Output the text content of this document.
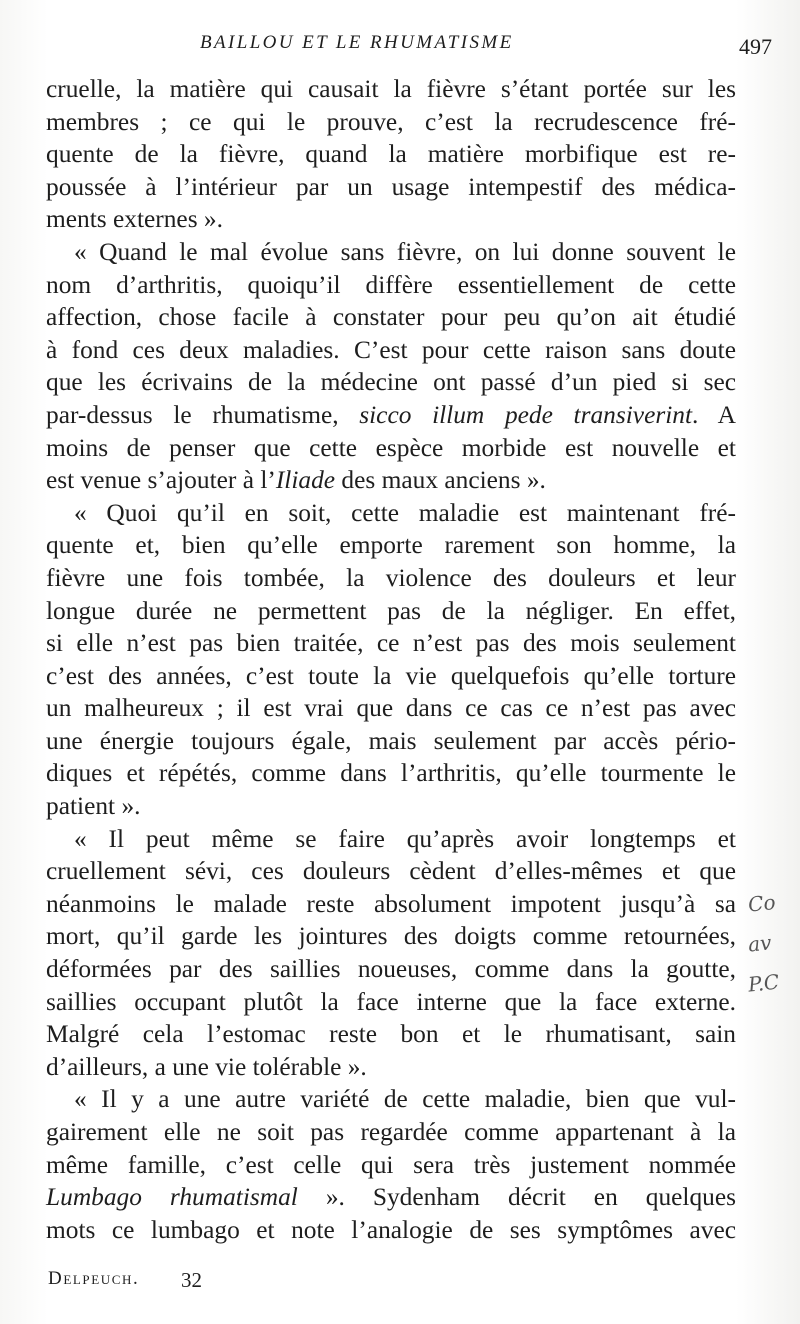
BAILLOU ET LE RHUMATISME	497
cruelle, la matière qui causait la fièvre s’étant portée sur les
membres ; ce qui le prouve, c’est la recrudescence fré-
quente de la fièvre, quand la matière morbifique est re-
poussée à l’intérieur par un usage intempestif des médica-
ments externes ».
« Quand le mal évolue sans fièvre, on lui donne souvent le
nom d’arthritis, quoiqu’il diffère essentiellement de cette
affection, chose facile à constater pour peu qu’on ait étudié
à fond ces deux maladies. C’est pour cette raison sans doute
que les écrivains de la médecine ont passé d’un pied si sec
par-dessus le rhumatisme, sicco illum pede transiverint. A
moins de penser que cette espèce morbide est nouvelle et
est venue s’ajouter à l’Iliade des maux anciens ».
« Quoi qu’il en soit, cette maladie est maintenant fré-
quente et, bien qu’elle emporte rarement son homme, la
fièvre une fois tombée, la violence des douleurs et leur
longue durée ne permettent pas de la négliger. En effet,
si elle n’est pas bien traitée, ce n’est pas des mois seulement
c’est des années, c’est toute la vie quelquefois qu’elle torture
un malheureux ; il est vrai que dans ce cas ce n’est pas avec
une énergie toujours égale, mais seulement par accès pério-
diques et répétés, comme dans l’arthritis, qu’elle tourmente le
patient ».
« Il peut même se faire qu’après avoir longtemps et
cruellement sévi, ces douleurs cèdent d’elles-mêmes et que
néanmoins le malade reste absolument impotent jusqu’à sa
mort, qu’il garde les jointures des doigts comme retournées,
déformées par des saillies noueuses, comme dans la goutte,
saillies occupant plutôt la face interne que la face externe.
Malgré cela l’estomac reste bon et le rhumatisant, sain
d’ailleurs, a une vie tolérable ».
« Il y a une autre variété de cette maladie, bien que vul-
gairement elle ne soit pas regardée comme appartenant à la
même famille, c’est celle qui sera très justement nommée
Lumbago rhumatismal ». Sydenham décrit en quelques
mots ce lumbago et note l’analogie de ses symptômes avec
Co
av
P.C
Delpeuch. 32
